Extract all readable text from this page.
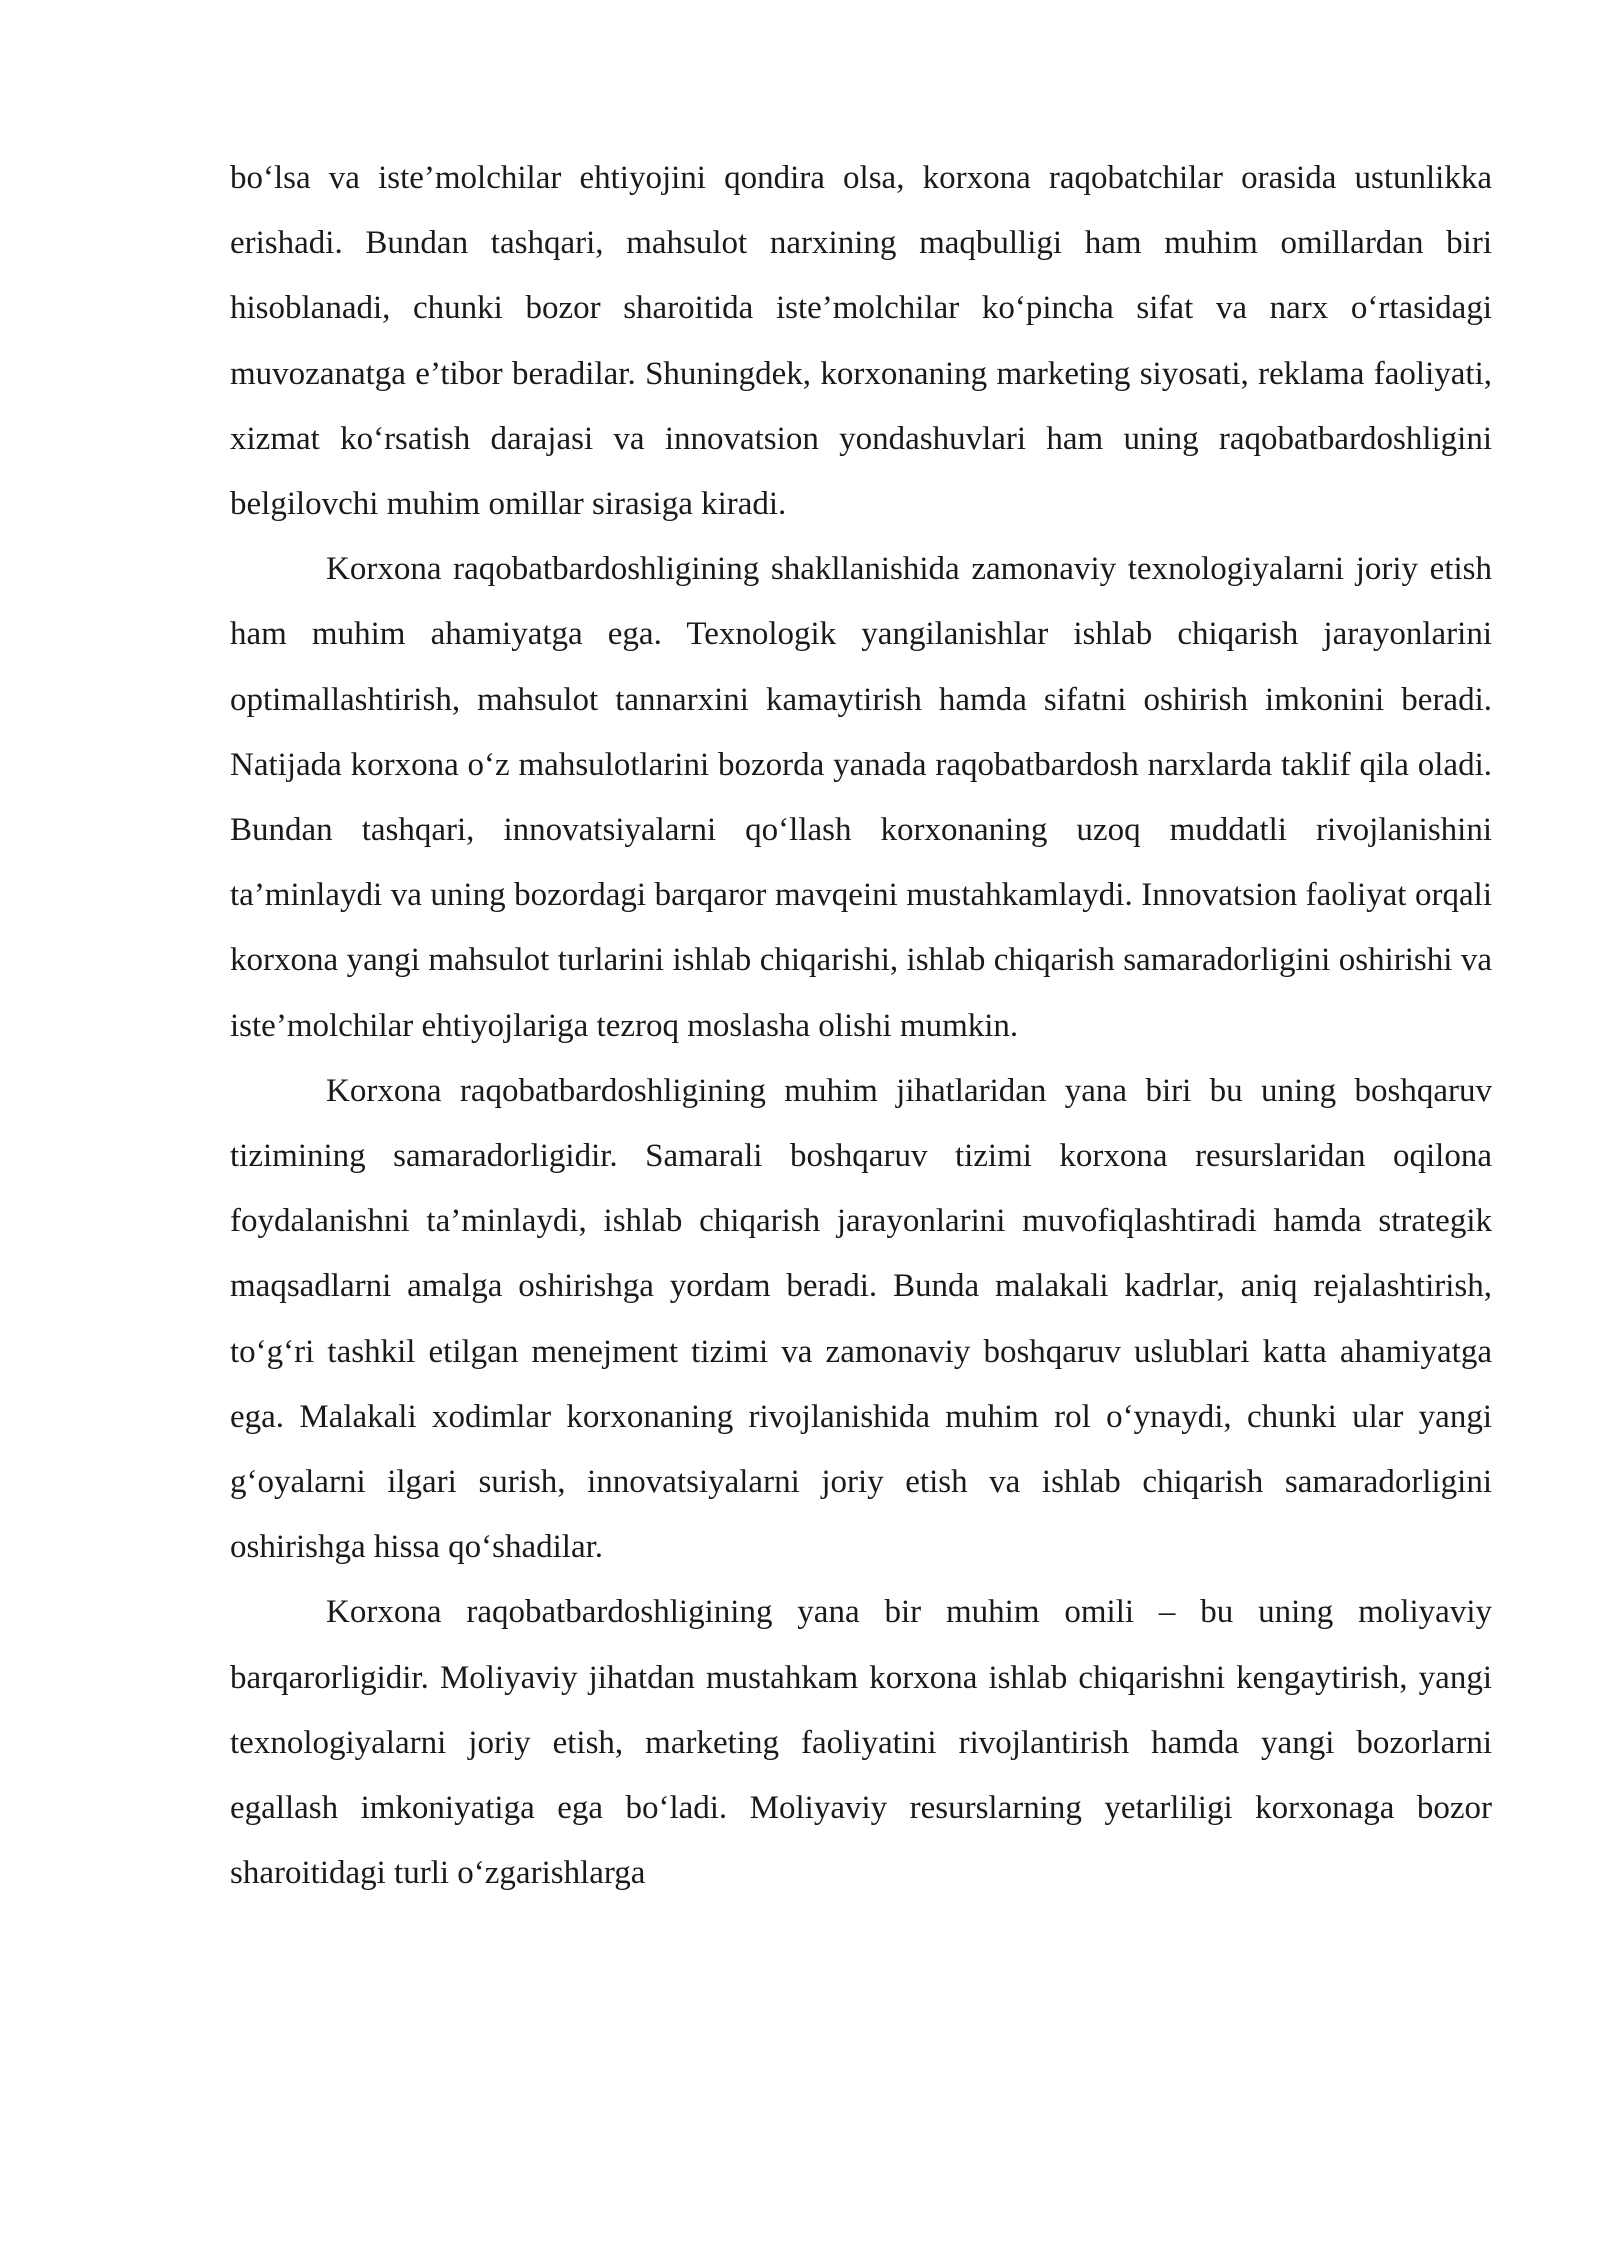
bo‘lsa va iste’molchilar ehtiyojini qondira olsa, korxona raqobatchilar orasida ustunlikka erishadi. Bundan tashqari, mahsulot narxining maqbulligi ham muhim omillardan biri hisoblanadi, chunki bozor sharoitida iste’molchilar ko‘pincha sifat va narx o‘rtasidagi muvozanatga e’tibor beradilar. Shuningdek, korxonaning marketing siyosati, reklama faoliyati, xizmat ko‘rsatish darajasi va innovatsion yondashuvlari ham uning raqobatbardoshligini belgilovchi muhim omillar sirasiga kiradi.

Korxona raqobatbardoshligining shakllanishida zamonaviy texnologiyalarni joriy etish ham muhim ahamiyatga ega. Texnologik yangilanishlar ishlab chiqarish jarayonlarini optimallashtirish, mahsulot tannarxini kamaytirish hamda sifatni oshirish imkonini beradi. Natijada korxona o‘z mahsulotlarini bozorda yanada raqobatbardosh narxlarda taklif qila oladi. Bundan tashqari, innovatsiyalarni qo‘llash korxonaning uzoq muddatli rivojlanishini ta’minlaydi va uning bozordagi barqaror mavqeini mustahkamlaydi. Innovatsion faoliyat orqali korxona yangi mahsulot turlarini ishlab chiqarishi, ishlab chiqarish samaradorligini oshirishi va iste’molchilar ehtiyojlariga tezroq moslasha olishi mumkin.

Korxona raqobatbardoshligining muhim jihatlaridan yana biri bu uning boshqaruv tizimining samaradorligidir. Samarali boshqaruv tizimi korxona resurslaridan oqilona foydalanishni ta’minlaydi, ishlab chiqarish jarayonlarini muvofiqlashtiradi hamda strategik maqsadlarni amalga oshirishga yordam beradi. Bunda malakali kadrlar, aniq rejalashtirish, to‘g‘ri tashkil etilgan menejment tizimi va zamonaviy boshqaruv uslublari katta ahamiyatga ega. Malakali xodimlar korxonaning rivojlanishida muhim rol o‘ynaydi, chunki ular yangi g‘oyalarni ilgari surish, innovatsiyalarni joriy etish va ishlab chiqarish samaradorligini oshirishga hissa qo‘shadilar.

Korxona raqobatbardoshligining yana bir muhim omili – bu uning moliyaviy barqarorligidir. Moliyaviy jihatdan mustahkam korxona ishlab chiqarishni kengaytirish, yangi texnologiyalarni joriy etish, marketing faoliyatini rivojlantirish hamda yangi bozorlarni egallash imkoniyatiga ega bo‘ladi. Moliyaviy resurslarning yetarliligi korxonaga bozor sharoitidagi turli o‘zgarishlarga
